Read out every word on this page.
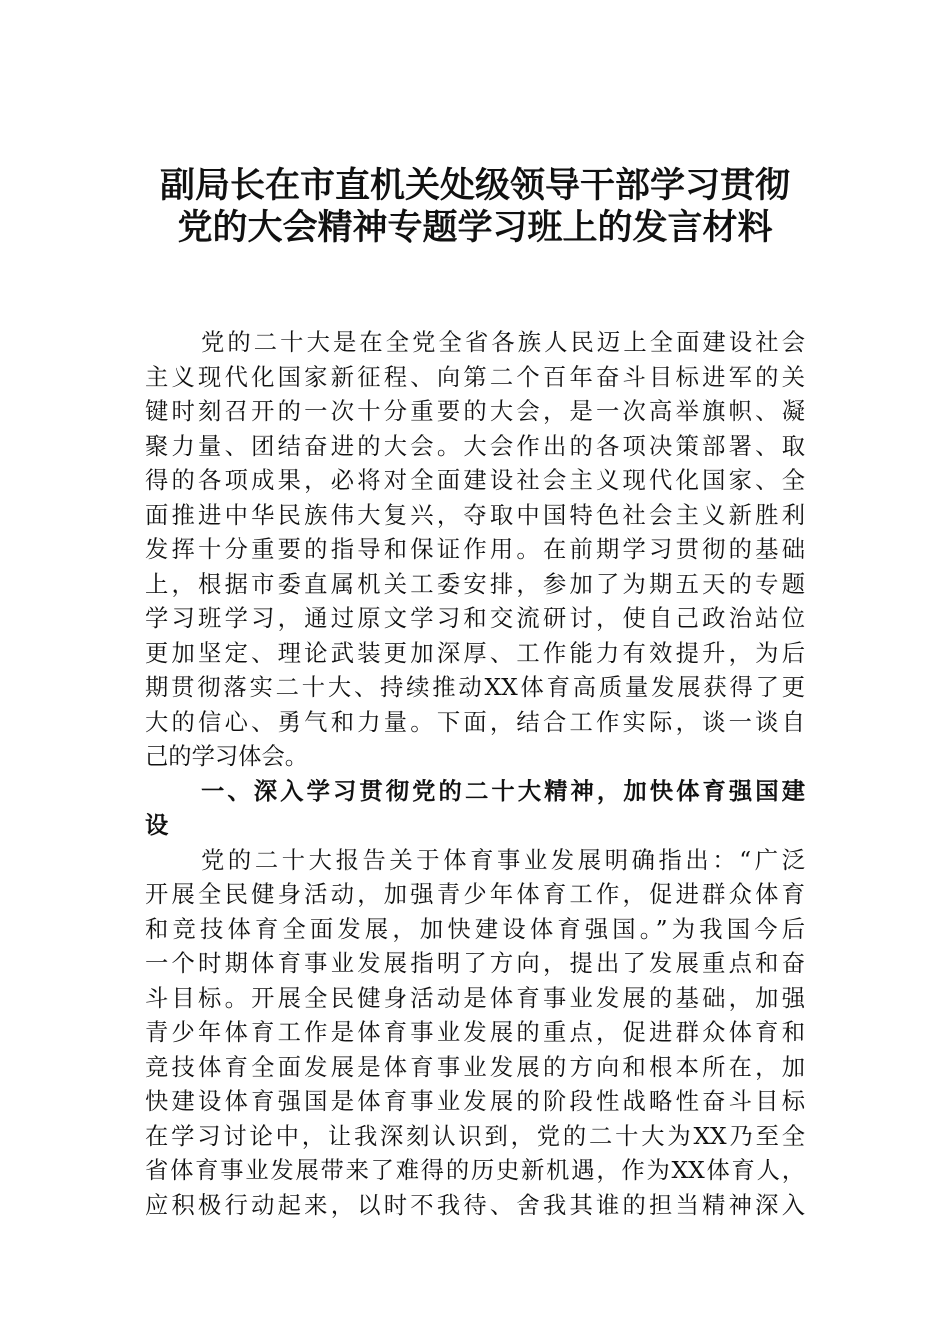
副局长在市直机关处级领导干部学习贯彻
党的大会精神专题学习班上的发言材料
党的二十大是在全党全省各族人民迈上全面建设社会
主义现代化国家新征程、向第二个百年奋斗目标进军的关
键时刻召开的一次十分重要的大会，是一次高举旗帜、凝
聚力量、团结奋进的大会。大会作出的各项决策部署、取
得的各项成果，必将对全面建设社会主义现代化国家、全
面推进中华民族伟大复兴，夺取中国特色社会主义新胜利
发挥十分重要的指导和保证作用。在前期学习贯彻的基础
上，根据市委直属机关工委安排，参加了为期五天的专题
学习班学习，通过原文学习和交流研讨，使自己政治站位
更加坚定、理论武装更加深厚、工作能力有效提升，为后
期贯彻落实二十大、持续推动XX体育高质量发展获得了更
大的信心、勇气和力量。下面，结合工作实际，谈一谈自
己的学习体会。
一、深入学习贯彻党的二十大精神，加快体育强国建
设
党的二十大报告关于体育事业发展明确指出：“广泛
开展全民健身活动，加强青少年体育工作，促进群众体育
和竞技体育全面发展，加快建设体育强国。”为我国今后
一个时期体育事业发展指明了方向，提出了发展重点和奋
斗目标。开展全民健身活动是体育事业发展的基础，加强
青少年体育工作是体育事业发展的重点，促进群众体育和
竞技体育全面发展是体育事业发展的方向和根本所在，加
快建设体育强国是体育事业发展的阶段性战略性奋斗目标
在学习讨论中，让我深刻认识到，党的二十大为XX乃至全
省体育事业发展带来了难得的历史新机遇，作为XX体育人，
应积极行动起来，以时不我待、舍我其谁的担当精神深入
